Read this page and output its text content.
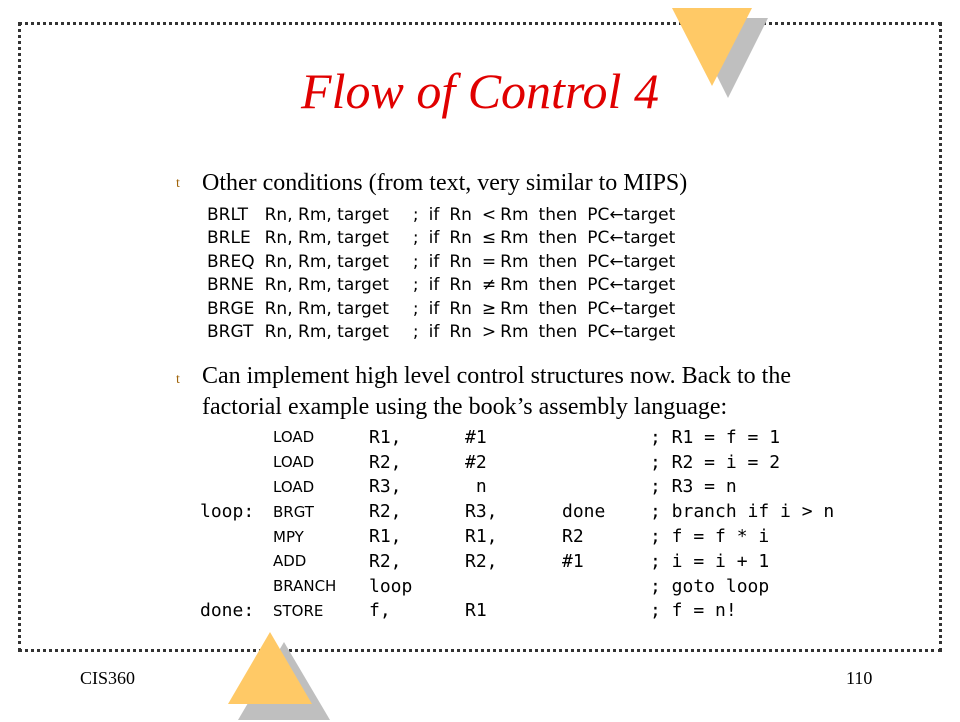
Flow of Control 4
t Other conditions (from text, very similar to MIPS)
BRLT	Rn, Rm, target	;	if	Rn	<	Rm	then	PC←target
BRLE	Rn, Rm, target	;	if	Rn	≤	Rm	then	PC←target
BREQ	Rn, Rm, target	;	if	Rn	=	Rm	then	PC←target
BRNE	Rn, Rm, target	;	if	Rn	≠	Rm	then	PC←target
BRGE	Rn, Rm, target	;	if	Rn	≥	Rm	then	PC←target
BRGT	Rn, Rm, target	;	if	Rn	>	Rm	then	PC←target
t Can implement high level control structures now. Back to the
factorial example using the book’s assembly language:
	LOAD	R1,	#1		; R1 = f = 1
	LOAD	R2,	#2		; R2 = i = 2
	LOAD	R3,	n		; R3 = n
loop:	BRGT	R2,	R3,	done	; branch if i > n
	MPY	R1,	R1,	R2	; f = f * i
	ADD	R2,	R2,	#1	; i = i + 1
	BRANCH	loop			; goto loop
done:	STORE	f,	R1		; f = n!
CIS360	110
